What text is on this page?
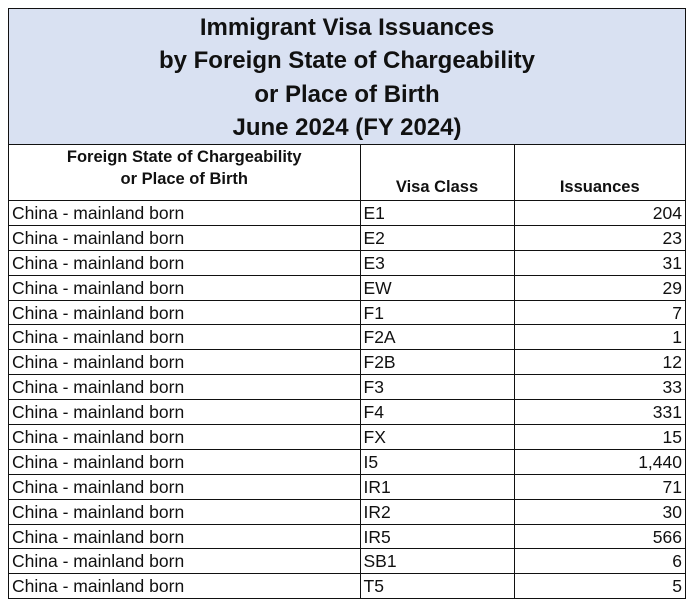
Immigrant Visa Issuances
by Foreign State of Chargeability
or Place of Birth
June 2024 (FY 2024)
Foreign State of Chargeability
or Place of Birth	Visa Class	Issuances
China - mainland born	E1	204
China - mainland born	E2	23
China - mainland born	E3	31
China - mainland born	EW	29
China - mainland born	F1	7
China - mainland born	F2A	1
China - mainland born	F2B	12
China - mainland born	F3	33
China - mainland born	F4	331
China - mainland born	FX	15
China - mainland born	I5	1,440
China - mainland born	IR1	71
China - mainland born	IR2	30
China - mainland born	IR5	566
China - mainland born	SB1	6
China - mainland born	T5	5
